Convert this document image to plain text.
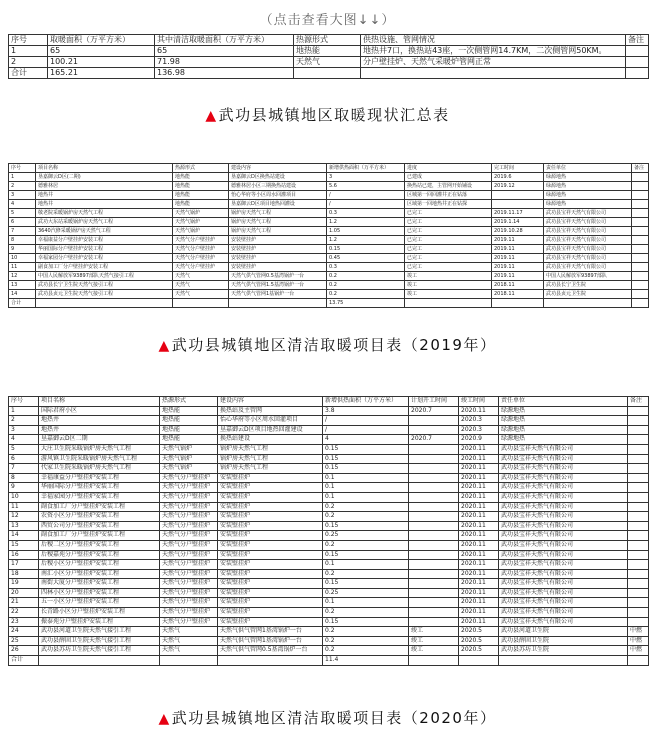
（点击查看大图↓↓）
序号	取暖面积（万平方米）	其中清洁取暖面积（万平方米）	热源形式	供热设施、管网情况	备注
1	65	65	地热能	地热井7口，换热站43座，一次侧管网14.7KM，二次侧管网50KM。	
2	100.21	71.98	天然气	分户壁挂炉、天然气采暖炉管网正常	
合计	165.21	136.98			
▲武功县城镇地区取暖现状汇总表
序号	项目名称	热源形式	建设内容	新增供热面积（万平方米）	进度	完工时间	责任单位	备注
1	垦嘉御云D区(二期)	地热能	垦嘉御云D区换热站建设	3	已建成	2019.6	绿源地热	
2	德雅林居	地热能	德雅林居小区三期换热站建设	5.6	换热站已建，主管网开始铺设	2019.12	绿源地热	
3	地热井	地热能	怡心华府等小区周水回灌项目	/	区城第一回回灌井正在钻落		绿源地热	
4	地热井	地热能	垦嘉御云D区项目地热回灌设	/	区域第一回地热井正在钻探		绿源地热	
5	敬老院采暖锅炉房天然气工程	天然气锅炉	锅炉房天然气工程	0.3	已完工	2019.11.17	武功县宝祥天然气有限公司	
6	武功大东站采暖锅炉房天然气工程	天然气锅炉	锅炉房天然气工程	1.2	已完工	2019.1.14	武功县宝祥天然气有限公司	
7	3640汽修采暖锅炉房天然气工程	天然气锅炉	锅炉房天然气工程	1.05	已完工	2019.10.28	武功县宝祥天然气有限公司	
8	幸福康益分户壁挂炉安装工程	天然气分户壁挂炉	安装壁挂炉	1.2	已完工	2019.11	武功县宝祥天然气有限公司	
9	华丽国际分户壁挂炉安装工程	天然气分户壁挂炉	安装壁挂炉	0.15	已完工	2019.11	武功县宝祥天然气有限公司	
10	幸福家园分户壁挂炉安装工程	天然气分户壁挂炉	安装壁挂炉	0.45	已完工	2019.11	武功县宝祥天然气有限公司	
11	副食加工厂分户壁挂炉安装工程	天然气分户壁挂炉	安装壁挂炉	0.3	已完工	2019.11	武功县宝祥天然气有限公司	
12	中国人民解放军93897部队天然气接引工程	天然气	天然气供气管网0.5基湾锅炉一台	0.2	竣工	2019.11	中国人民解放军93897部队	
13	武功县长宁卫生院天然气接引工程	天然气	天然气供气管网1.5基湾锅炉一台	0.2	竣工	2018.11	武功县长宁卫生院	
14	武功县贞元卫生院天然气接引工程	天然气	天然气供气管网1基锅炉一台	0.2	竣工	2018.11	武功县贞元卫生院	
合计				13.75				
▲武功县城镇地区清洁取暖项目表（2019年）
序号	项目名称	热源形式	建设内容	新增供热面积（万平方米）	计划开工时间	竣工时间	责任单位	备注
1	国际君府小区	地热能	换热站及主管网	3.8	2020.7	2020.11	绿源地热	
2	地热井	地热能	怡心华府等小区周水回灌项目	/		2020.3	绿源地热	
3	地热井	地热能	垦嘉御云D区项目地热回灌建设	/		2020.3	绿源地热	
4	垦嘉御云D区二期	地热能	换热站建设	4	2020.7	2020.9	绿源地热	
5	大庄卫生院采暖锅炉房天然气工程	天然气锅炉	锅炉房天然气工程	0.15		2020.11	武功县宝祥天然气有限公司	
6	游风镇卫生院采暖锅炉房天然气工程	天然气锅炉	锅炉房天然气工程	0.15		2020.11	武功县宝祥天然气有限公司	
7	代家卫生院采暖锅炉房天然气工程	天然气锅炉	锅炉房天然气工程	0.15		2020.11	武功县宝祥天然气有限公司	
8	幸福康益分户壁挂炉安装工程	天然气分户壁挂炉	安装壁挂炉	0.1		2020.11	武功县宝祥天然气有限公司	
9	华丽国际分户壁挂炉安装工程	天然气分户壁挂炉	安装壁挂炉	0.1		2020.11	武功县宝祥天然气有限公司	
10	幸福家园分户壁挂炉安装工程	天然气分户壁挂炉	安装壁挂炉	0.1		2020.11	武功县宝祥天然气有限公司	
11	副食加工厂分户壁挂炉安装工程	天然气分户壁挂炉	安装壁挂炉	0.2		2020.11	武功县宝祥天然气有限公司	
12	农资小区分户壁挂炉安装工程	天然气分户壁挂炉	安装壁挂炉	0.2		2020.11	武功县宝祥天然气有限公司	
13	西贸公司分户壁挂炉安装工程	天然气分户壁挂炉	安装壁挂炉	0.15		2020.11	武功县宝祥天然气有限公司	
14	副食加工厂分户壁挂炉安装工程	天然气分户壁挂炉	安装壁挂炉	0.25		2020.11	武功县宝祥天然气有限公司	
15	后稷二区分户壁挂炉安装工程	天然气分户壁挂炉	安装壁挂炉	0.2		2020.11	武功县宝祥天然气有限公司	
16	后稷嘉苑分户壁挂炉安装工程	天然气分户壁挂炉	安装壁挂炉	0.15		2020.11	武功县宝祥天然气有限公司	
17	后稷小区分户壁挂炉安装工程	天然气分户壁挂炉	安装壁挂炉	0.1		2020.11	武功县宝祥天然气有限公司	
18	南汇小区分户壁挂炉安装工程	天然气分户壁挂炉	安装壁挂炉	0.2		2020.11	武功县宝祥天然气有限公司	
19	南街大厦分户壁挂炉安装工程	天然气分户壁挂炉	安装壁挂炉	0.15		2020.11	武功县宝祥天然气有限公司	
20	四林小区分户壁挂炉安装工程	天然气分户壁挂炉	安装壁挂炉	0.25		2020.11	武功县宝祥天然气有限公司	
21	五一小区分户壁挂炉安装工程	天然气分户壁挂炉	安装壁挂炉	0.1		2020.11	武功县宝祥天然气有限公司	
22	长青路小区分户壁挂炉安装工程	天然气分户壁挂炉	安装壁挂炉	0.2		2020.11	武功县宝祥天然气有限公司	
23	振泰苑分户壁挂炉安装工程	天然气分户壁挂炉	安装壁挂炉	0.15		2020.11	武功县宝祥天然气有限公司	
24	武功县河道卫生院天然气接引工程	天然气	天然气供气管网1基湾锅炉一台	0.2	竣工	2020.5	武功县河道卫生院	中燃
25	武功县薛固卫生院天然气接引工程	天然气	天然气供气管网1基湾锅炉一台	0.2	竣工	2020.5	武功县薛固卫生院	中燃
26	武功县苏坊卫生院天然气接引工程	天然气	天然气供气管网0.5基湾锅炉一台	0.2	竣工	2020.5	武功县苏坊卫生院	中燃
合计				11.4				
▲武功县城镇地区清洁取暖项目表（2020年）
